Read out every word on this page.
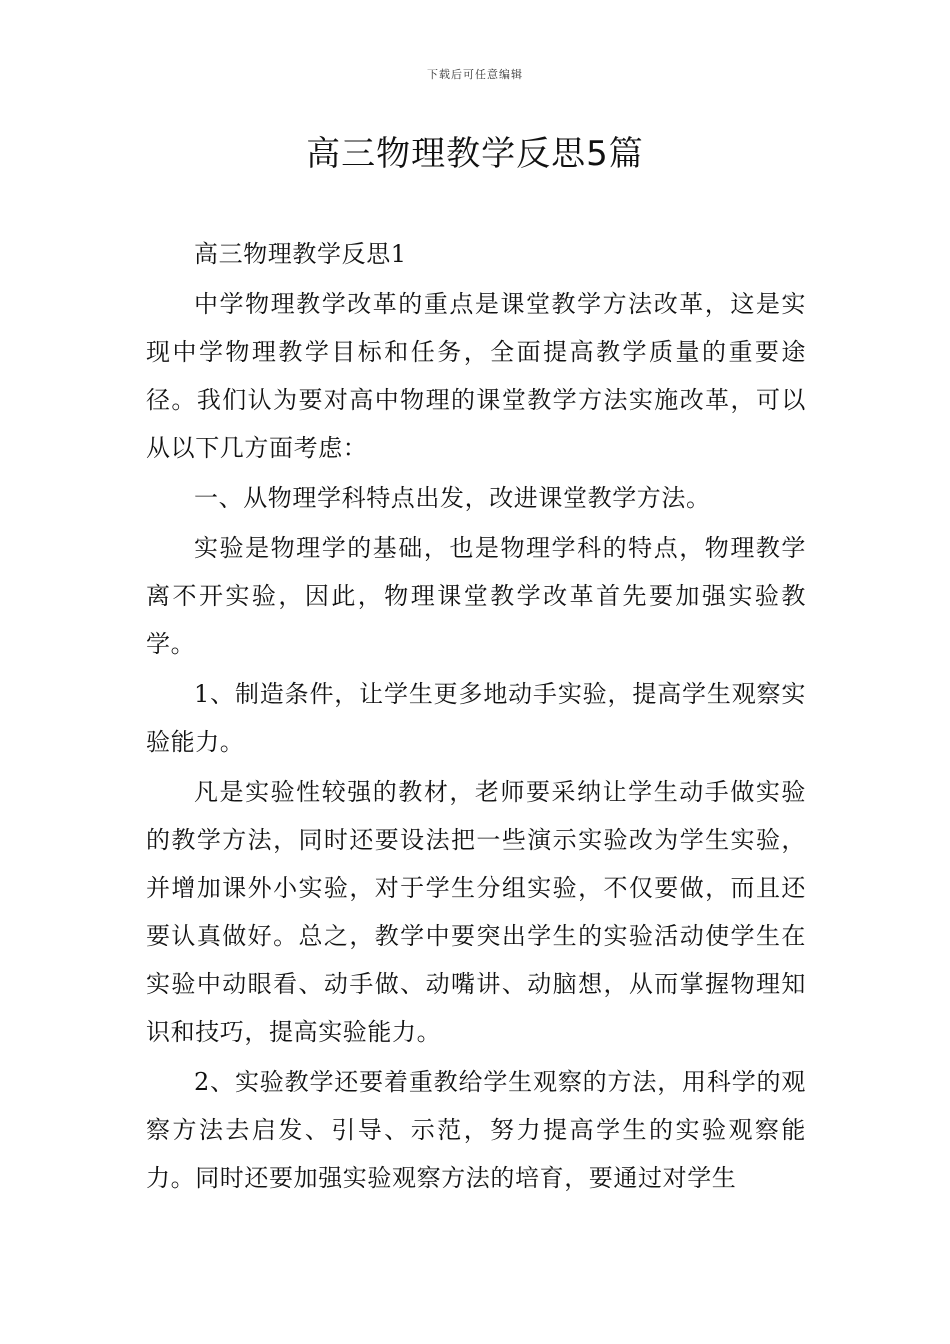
下载后可任意编辑
高三物理教学反思5篇

高三物理教学反思1

中学物理教学改革的重点是课堂教学方法改革，这是实现中学物理教学目标和任务，全面提高教学质量的重要途径。我们认为要对高中物理的课堂教学方法实施改革，可以从以下几方面考虑：

一、从物理学科特点出发，改进课堂教学方法。

实验是物理学的基础，也是物理学科的特点，物理教学离不开实验，因此，物理课堂教学改革首先要加强实验教学。

1、制造条件，让学生更多地动手实验，提高学生观察实验能力。

凡是实验性较强的教材，老师要采纳让学生动手做实验的教学方法，同时还要设法把一些演示实验改为学生实验，并增加课外小实验，对于学生分组实验，不仅要做，而且还要认真做好。总之，教学中要突出学生的实验活动使学生在实验中动眼看、动手做、动嘴讲、动脑想，从而掌握物理知识和技巧，提高实验能力。

2、实验教学还要着重教给学生观察的方法，用科学的观察方法去启发、引导、示范，努力提高学生的实验观察能力。同时还要加强实验观察方法的培育，要通过对学生
